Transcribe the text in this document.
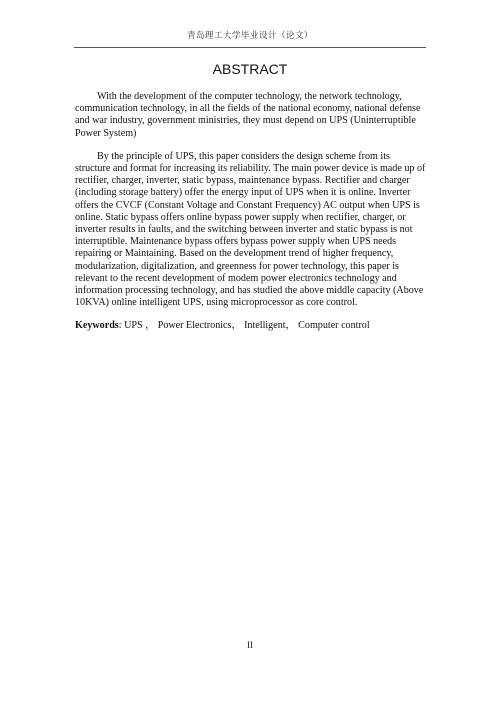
青岛理工大学毕业设计（论文）
ABSTRACT

With the development of the computer technology, the network technology, communication technology, in all the fields of the national economy, national defense and war industry, government ministries, they must depend on UPS (Uninterruptible Power System)

By the principle of UPS, this paper considers the design scheme from its structure and format for increasing its reliability. The main power device is made up of rectifier, charger, inverter, static bypass, maintenance bypass. Rectifier and charger (including storage battery) offer the energy input of UPS when it is online. Inverter offers the CVCF (Constant Voltage and Constant Frequency) AC output when UPS is online. Static bypass offers online bypass power supply when rectifier, charger, or inverter results in faults, and the switching between inverter and static bypass is not interruptible. Maintenance bypass offers bypass power supply when UPS needs repairing or Maintaining. Based on the development trend of higher frequency, modularization, digitalization, and greenness for power technology, this paper is relevant to the recent development of modem power electronics technology and information processing technology, and has studied the above middle capacity (Above 10KVA) online intelligent UPS, using microprocessor as core control.

Keywords: UPS ， Power Electronics， Intelligent， Computer control

II
